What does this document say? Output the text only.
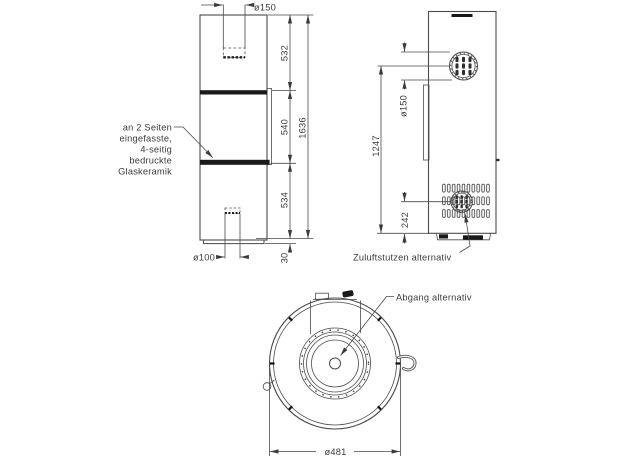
ø150
532
540
534
30
1636
ø100
an 2 Seiten
eingefasste,
4-seitig
bedruckte
Glaskeramik
ø150
1247
242
Zuluftstutzen alternativ
ø481
Abgang alternativ
